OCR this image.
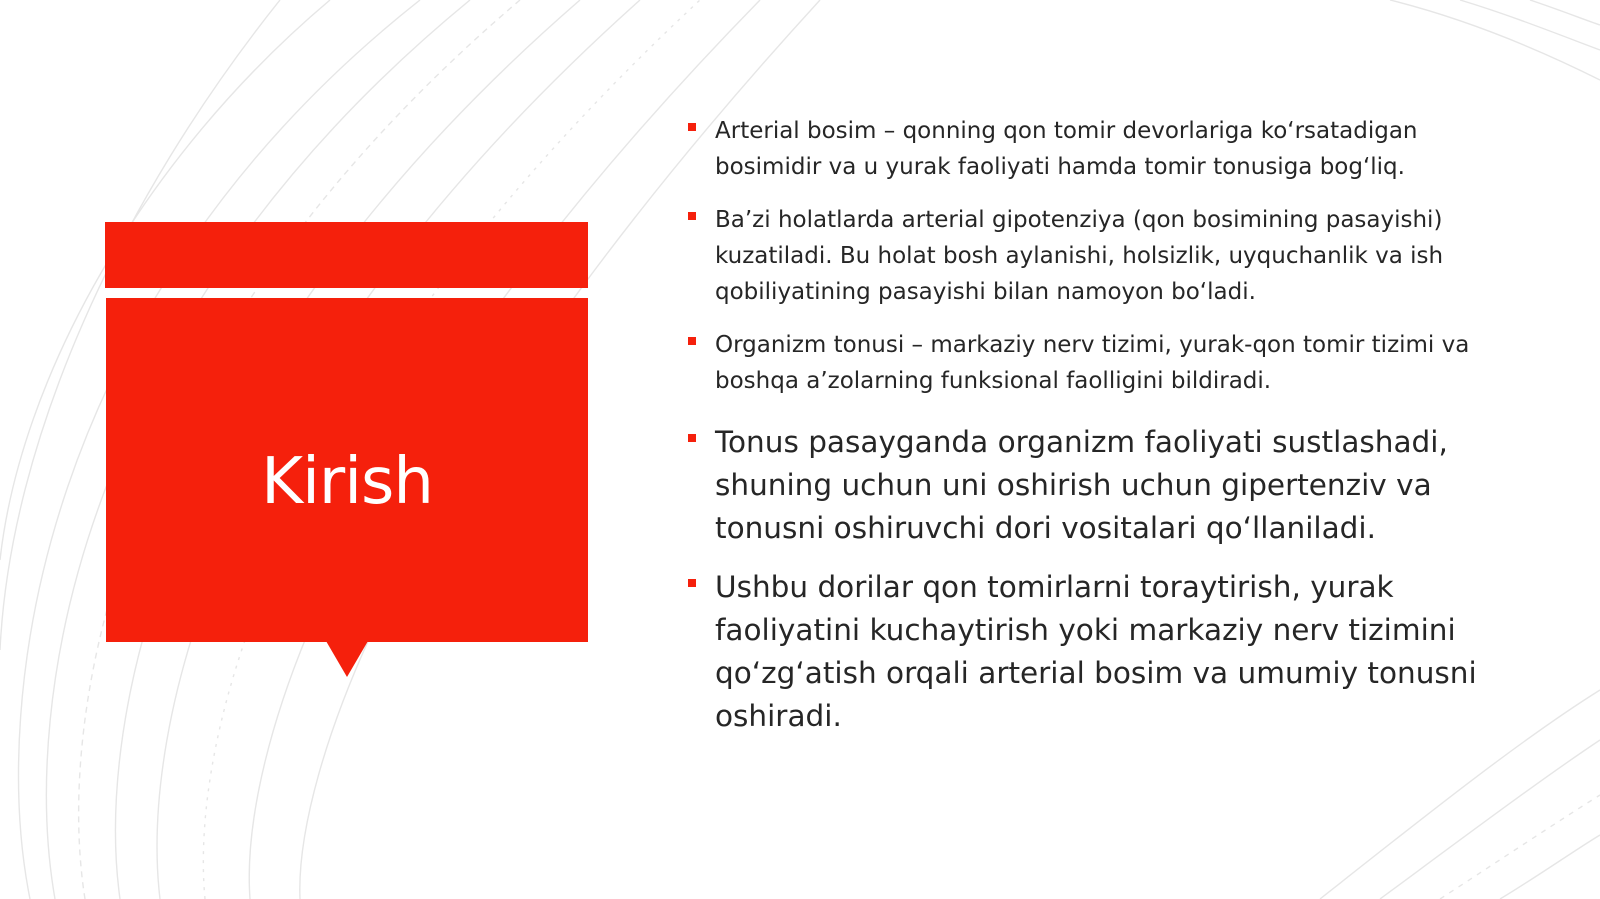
Kirish
Arterial bosim – qonning qon tomir devorlariga ko‘rsatadigan bosimidir va u yurak faoliyati hamda tomir tonusiga bog‘liq.
Ba’zi holatlarda arterial gipotenziya (qon bosimining pasayishi) kuzatiladi. Bu holat bosh aylanishi, holsizlik, uyquchanlik va ish qobiliyatining pasayishi bilan namoyon bo‘ladi.
Organizm tonusi – markaziy nerv tizimi, yurak-qon tomir tizimi va boshqa a’zolarning funksional faolligini bildiradi.
Tonus pasayganda organizm faoliyati sustlashadi, shuning uchun uni oshirish uchun gipertenziv va tonusni oshiruvchi dori vositalari qo‘llaniladi.
Ushbu dorilar qon tomirlarni toraytirish, yurak faoliyatini kuchaytirish yoki markaziy nerv tizimini qo‘zg‘atish orqali arterial bosim va umumiy tonusni oshiradi.
